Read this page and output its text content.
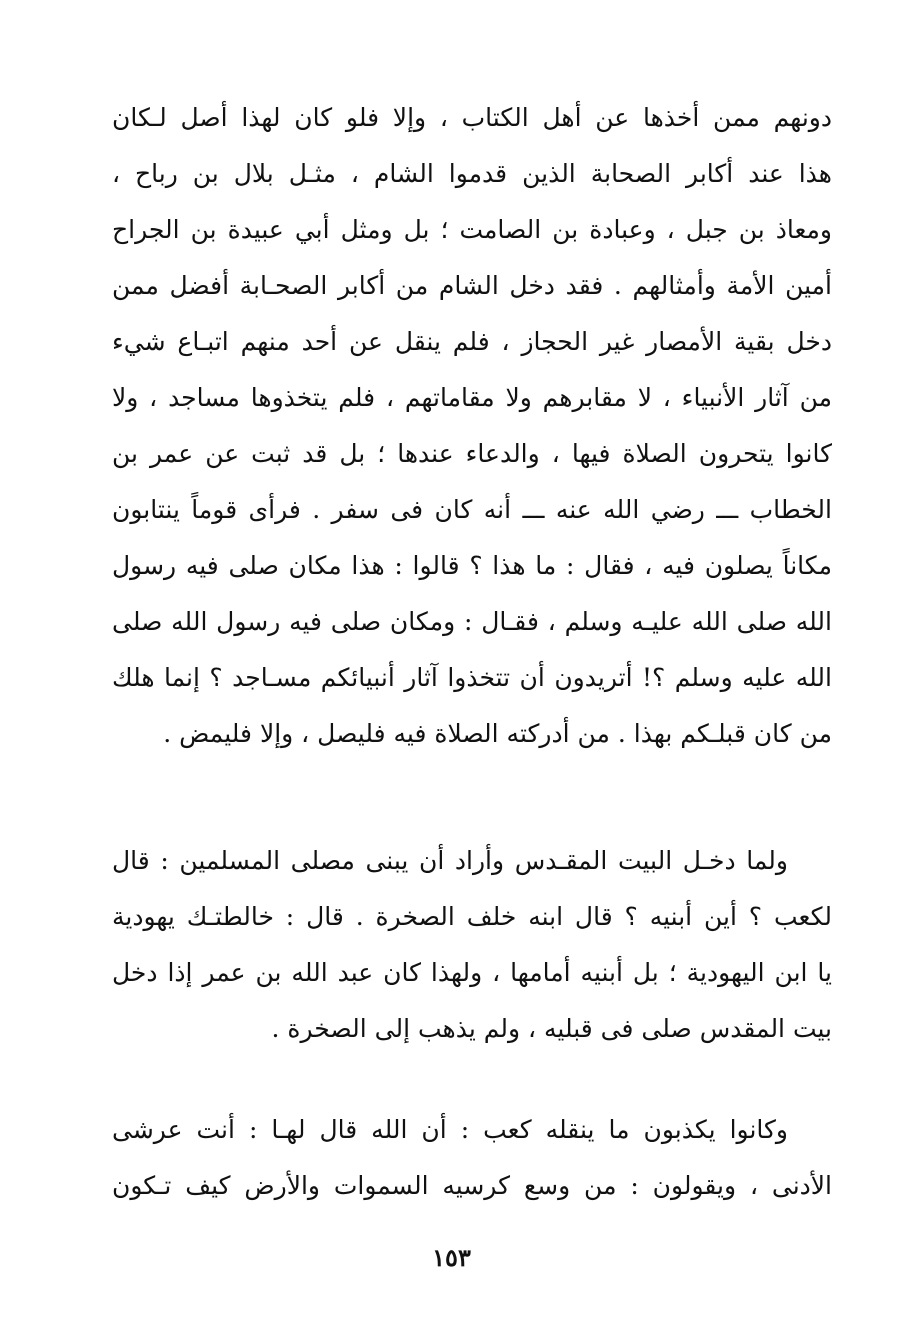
دونهم ممن أخذها عن أهل الكتاب ، وإلا فلو كان لهذا أصل لـكان
هذا عند أكابر الصحابة الذين قدموا الشام ، مثـل بلال بن رباح ،
ومعاذ بن جبل ، وعبادة بن الصامت ؛ بل ومثل أبي عبيدة بن الجراح
أمين الأمة وأمثالهم . فقد دخل الشام من أكابر الصحـابة أفضل ممن
دخل بقية الأمصار غير الحجاز ، فلم ينقل عن أحد منهم اتبـاع شيء
من آثار الأنبياء ، لا مقابرهم ولا مقاماتهم ، فلم يتخذوها مساجد ، ولا
كانوا يتحرون الصلاة فيها ، والدعاء عندها ؛ بل قد ثبت عن عمر بن
الخطاب ـــ رضي الله عنه ـــ أنه كان فى سفر . فرأى قوماً ينتابون
مكاناً يصلون فيه ، فقال : ما هذا ؟ قالوا : هذا مكان صلى فيه رسول
الله صلى الله عليـه وسلم ، فقـال : ومكان صلى فيه رسول الله صلى
الله عليه وسلم ؟! أتريدون أن تتخذوا آثار أنبيائكم مسـاجد ؟ إنما هلك
من كان قبلـكم بهذا . من أدركته الصلاة فيه فليصل ، وإلا فليمض .
ولما دخـل البيت المقـدس وأراد أن يبنى مصلى المسلمين : قال
لكعب ؟ أين أبنيه ؟ قال ابنه خلف الصخرة . قال : خالطتـك يهودية
يا ابن اليهودية ؛ بل أبنيه أمامها ، ولهذا كان عبد الله بن عمر إذا دخل
بيت المقدس صلى فى قبليه ، ولم يذهب إلى الصخرة .
وكانوا يكذبون ما ينقله كعب : أن الله قال لهـا : أنت عرشى
الأدنى ، ويقولون : من وسع كرسيه السموات والأرض كيف تـكون
١٥٣
